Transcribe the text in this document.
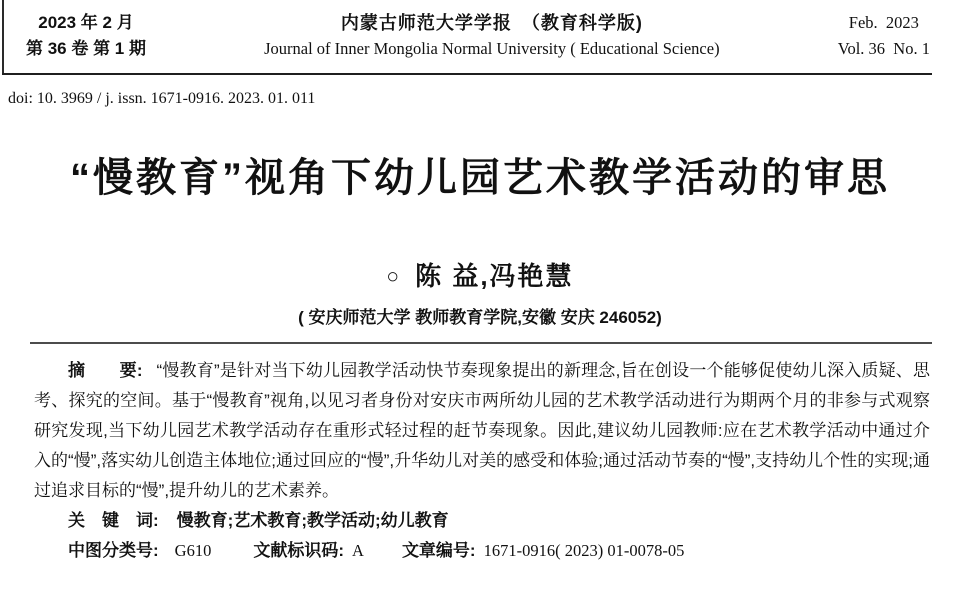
2023 年 2 月
第 36 卷 第 1 期
内蒙古师范大学学报　（教育科学版)
Journal of Inner Mongolia Normal University ( Educational Science)
Feb.  2023
Vol. 36  No. 1
doi: 10. 3969 / j. issn. 1671-0916. 2023. 01. 011
“慢教育”视角下幼儿园艺术教学活动的审思
○ 陈 益,冯艳慧
( 安庆师范大学 教师教育学院,安徽 安庆 246052)

摘　　要: “慢教育”是针对当下幼儿园教学活动快节奏现象提出的新理念,旨在创设一个能够促使幼儿深入质疑、思考、探究的空间。基于“慢教育”视角,以见习者身份对安庆市两所幼儿园的艺术教学活动进行为期两个月的非参与式观察研究发现,当下幼儿园艺术教学活动存在重形式轻过程的赶节奏现象。因此,建议幼儿园教师:应在艺术教学活动中通过介入的“慢”,落实幼儿创造主体地位;通过回应的“慢”,升华幼儿对美的感受和体验;通过活动节奏的“慢”,支持幼儿个性的实现;通过追求目标的“慢”,提升幼儿的艺术素养。

关　键　词: 慢教育;艺术教育;教学活动;幼儿教育
中图分类号: G610 文献标识码: A 文章编号: 1671-0916( 2023) 01-0078-05
